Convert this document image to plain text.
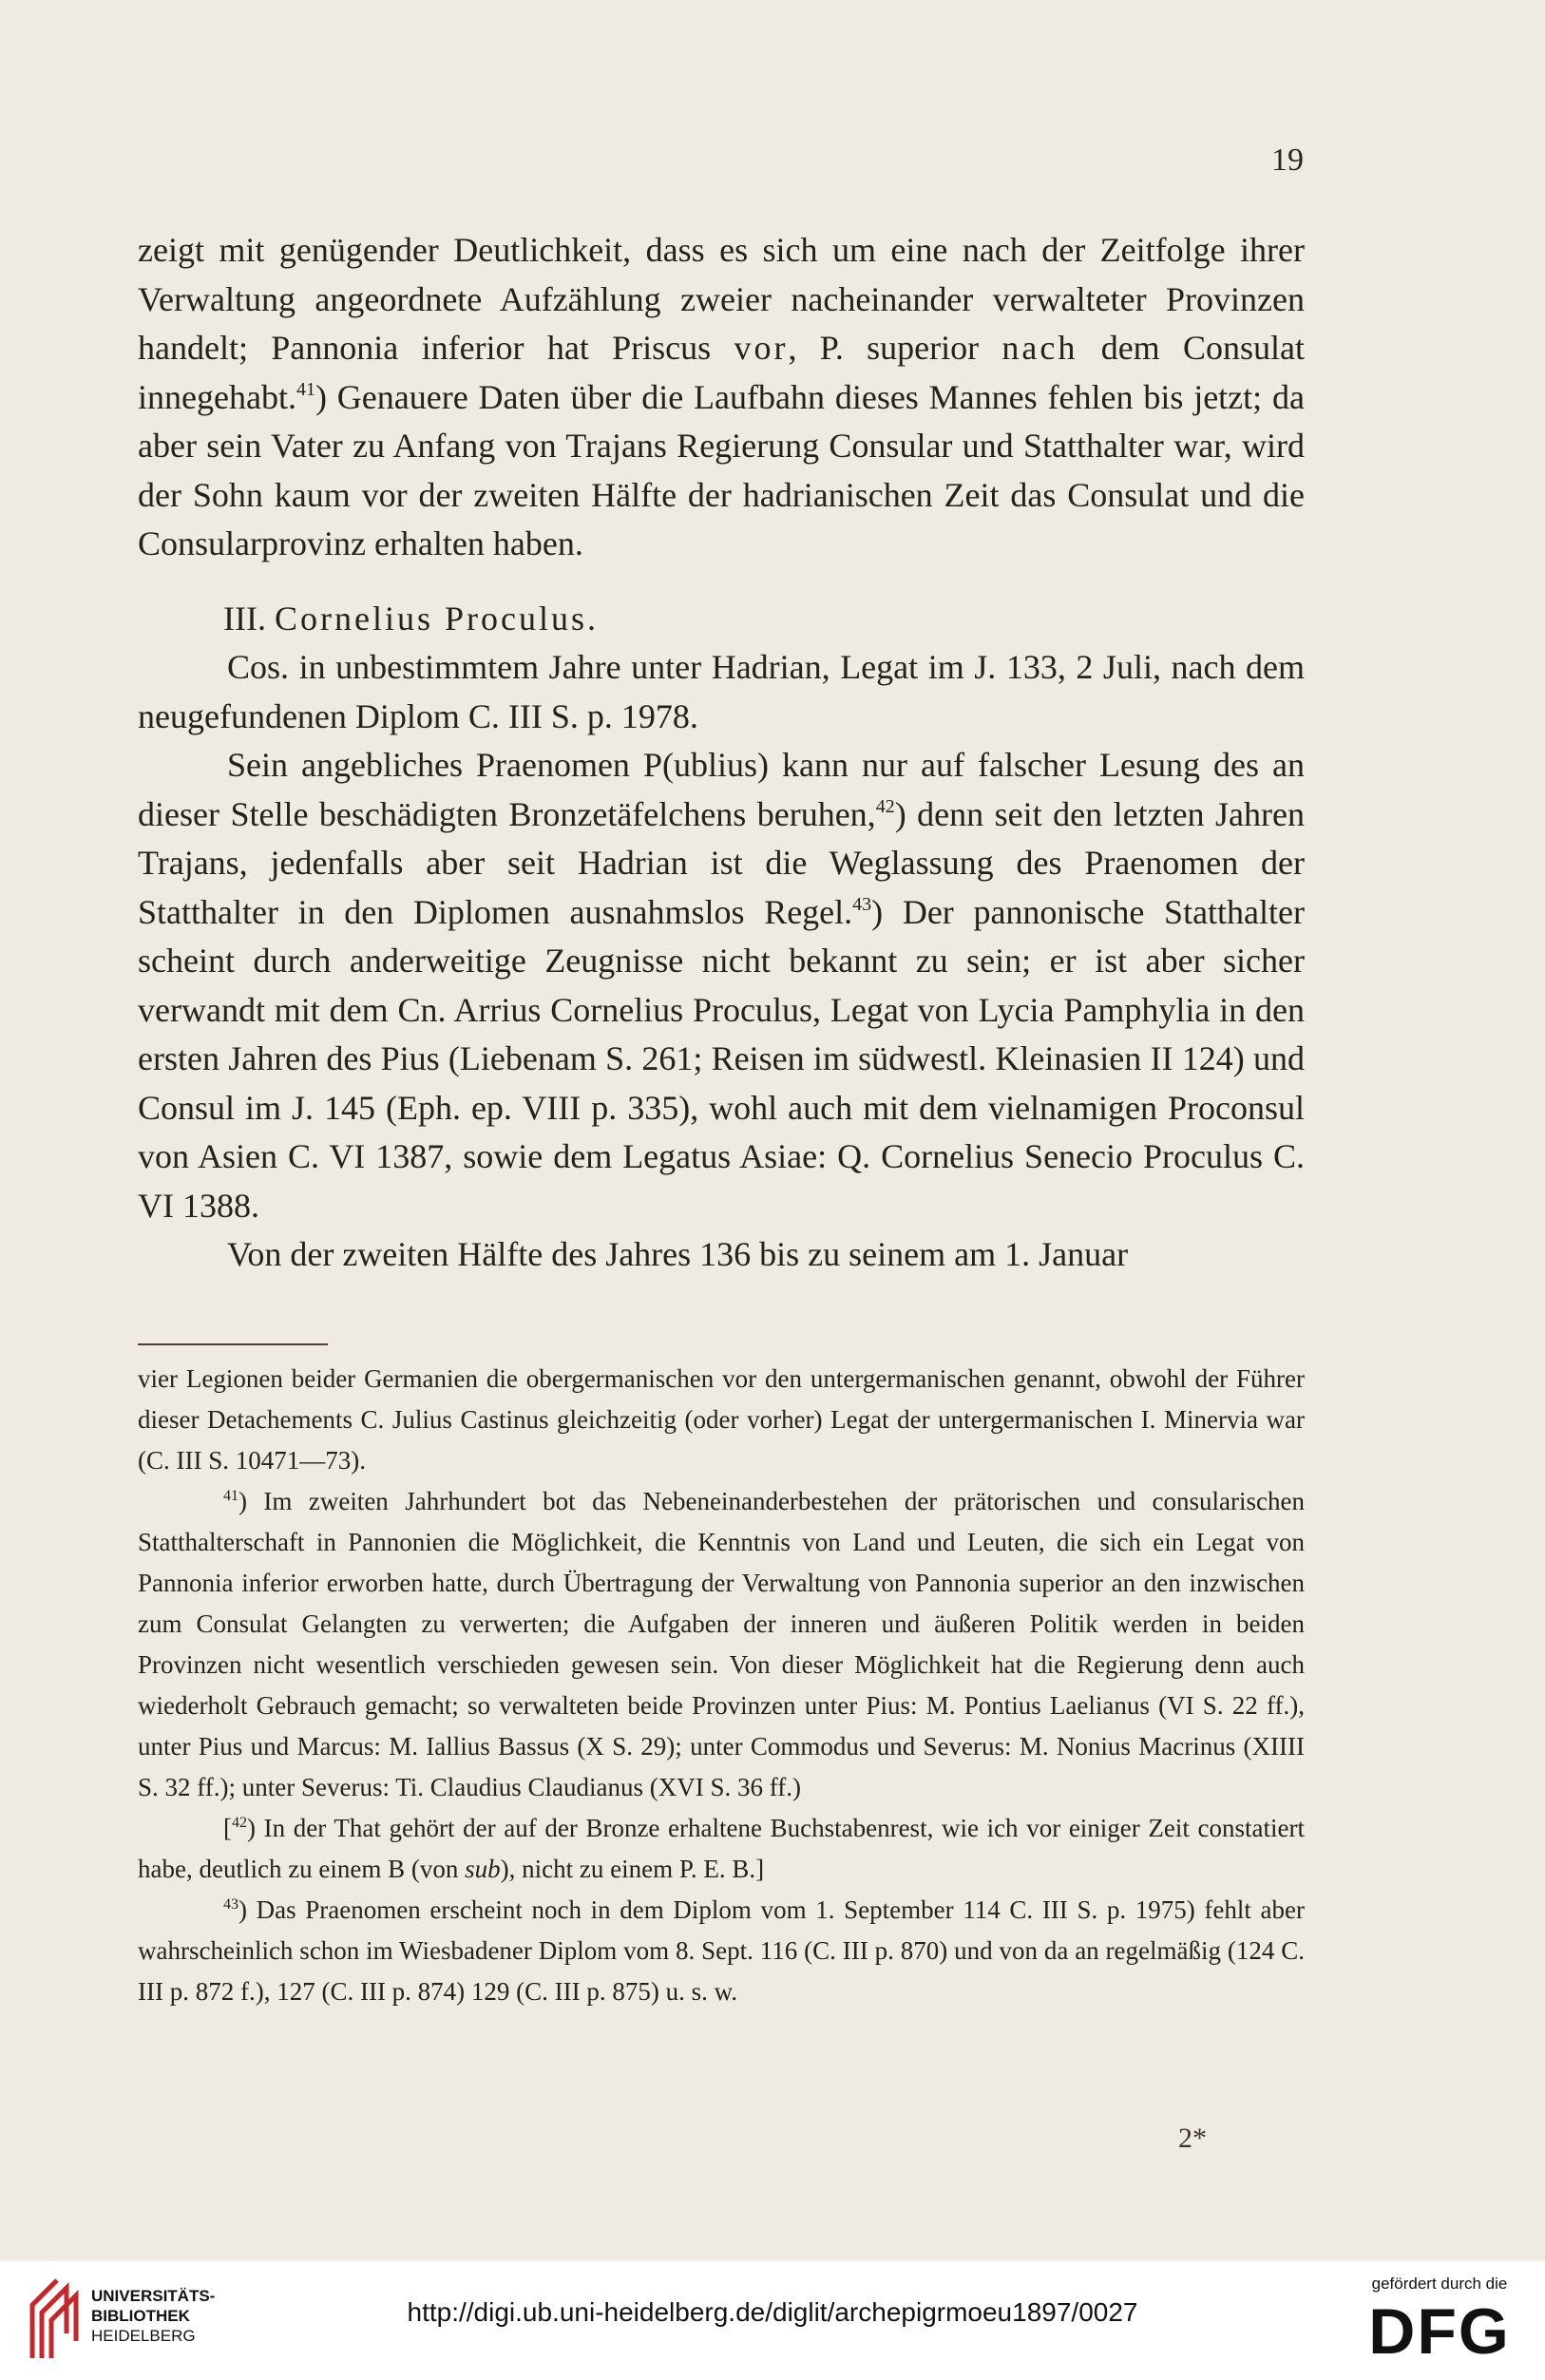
19

zeigt mit genügender Deutlichkeit, dass es sich um eine nach der Zeitfolge ihrer Verwaltung angeordnete Aufzählung zweier nacheinander verwalteter Provinzen handelt; Pannonia inferior hat Priscus vor, P. superior nach dem Consulat innegehabt.$^{41}$) Genauere Daten über die Laufbahn dieses Mannes fehlen bis jetzt; da aber sein Vater zu Anfang von Trajans Regierung Consular und Statthalter war, wird der Sohn kaum vor der zweiten Hälfte der hadrianischen Zeit das Consulat und die Consularprovinz erhalten haben.

III. Cornelius Proculus.

Cos. in unbestimmtem Jahre unter Hadrian, Legat im J. 133, 2 Juli, nach dem neugefundenen Diplom C. III S. p. 1978.

Sein angebliches Praenomen P(ublius) kann nur auf falscher Lesung des an dieser Stelle beschädigten Bronzetäfelchens beruhen,$^{42}$) denn seit den letzten Jahren Trajans, jedenfalls aber seit Hadrian ist die Weglassung des Praenomen der Statthalter in den Diplomen ausnahmslos Regel.$^{43}$) Der pannonische Statthalter scheint durch anderweitige Zeugnisse nicht bekannt zu sein; er ist aber sicher verwandt mit dem Cn. Arrius Cornelius Proculus, Legat von Lycia Pamphylia in den ersten Jahren des Pius (Liebenam S. 261; Reisen im südwestl. Kleinasien II 124) und Consul im J. 145 (Eph. ep. VIII p. 335), wohl auch mit dem vielnamigen Proconsul von Asien C. VI 1387, sowie dem Legatus Asiae: Q. Cornelius Senecio Proculus C. VI 1388.

Von der zweiten Hälfte des Jahres 136 bis zu seinem am 1. Januar

vier Legionen beider Germanien die obergermanischen vor den untergermanischen genannt, obwohl der Führer dieser Detachements C. Julius Castinus gleichzeitig (oder vorher) Legat der untergermanischen I. Minervia war (C. III S. 10471—73).

$^{41}$) Im zweiten Jahrhundert bot das Nebeneinanderbestehen der prätorischen und consularischen Statthalterschaft in Pannonien die Möglichkeit, die Kenntnis von Land und Leuten, die sich ein Legat von Pannonia inferior erworben hatte, durch Übertragung der Verwaltung von Pannonia superior an den inzwischen zum Consulat Gelangten zu verwerten; die Aufgaben der inneren und äußeren Politik werden in beiden Provinzen nicht wesentlich verschieden gewesen sein. Von dieser Möglichkeit hat die Regierung denn auch wiederholt Gebrauch gemacht; so verwalteten beide Provinzen unter Pius: M. Pontius Laelianus (VI S. 22 ff.), unter Pius und Marcus: M. Iallius Bassus (X S. 29); unter Commodus und Severus: M. Nonius Macrinus (XIIII S. 32 ff.); unter Severus: Ti. Claudius Claudianus (XVI S. 36 ff.)

[$^{42}$) In der That gehört der auf der Bronze erhaltene Buchstabenrest, wie ich vor einiger Zeit constatiert habe, deutlich zu einem B (von sub), nicht zu einem P. E. B.]

$^{43}$) Das Praenomen erscheint noch in dem Diplom vom 1. September 114 C. III S. p. 1975) fehlt aber wahrscheinlich schon im Wiesbadener Diplom vom 8. Sept. 116 (C. III p. 870) und von da an regelmäßig (124 C. III p. 872 f.), 127 (C. III p. 874) 129 (C. III p. 875) u. s. w.

2*
UNIVERSITÄTS-
BIBLIOTHEK
HEIDELBERG
http://digi.ub.uni-heidelberg.de/diglit/archepigrmoeu1897/0027
gefördert durch die
DFG
